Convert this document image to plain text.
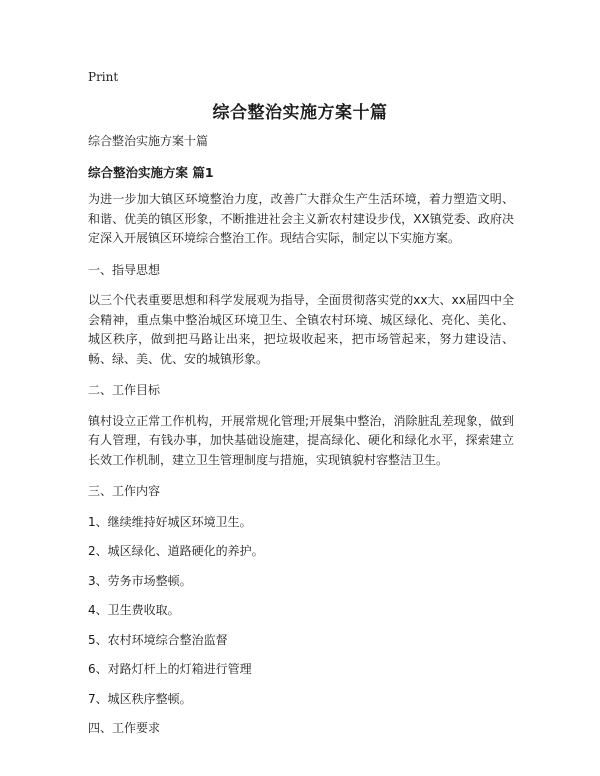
Print
综合整治实施方案十篇

综合整治实施方案十篇

综合整治实施方案 篇1

为进一步加大镇区环境整治力度，改善广大群众生产生活环境，着力塑造文明、和谐、优美的镇区形象，不断推进社会主义新农村建设步伐，XX镇党委、政府决定深入开展镇区环境综合整治工作。现结合实际，制定以下实施方案。

一、指导思想

以三个代表重要思想和科学发展观为指导，全面贯彻落实党的xx大、xx届四中全会精神，重点集中整治城区环境卫生、全镇农村环境、城区绿化、亮化、美化、城区秩序，做到把马路让出来，把垃圾收起来，把市场管起来，努力建设洁、畅、绿、美、优、安的城镇形象。

二、工作目标

镇村设立正常工作机构，开展常规化管理;开展集中整治，消除脏乱差现象，做到有人管理，有钱办事，加快基础设施建，提高绿化、硬化和绿化水平，探索建立长效工作机制，建立卫生管理制度与措施，实现镇貌村容整洁卫生。

三、工作内容

1、继续维持好城区环境卫生。

2、城区绿化、道路硬化的养护。

3、劳务市场整顿。

4、卫生费收取。

5、农村环境综合整治监督

6、对路灯杆上的灯箱进行管理

7、城区秩序整顿。

四、工作要求
